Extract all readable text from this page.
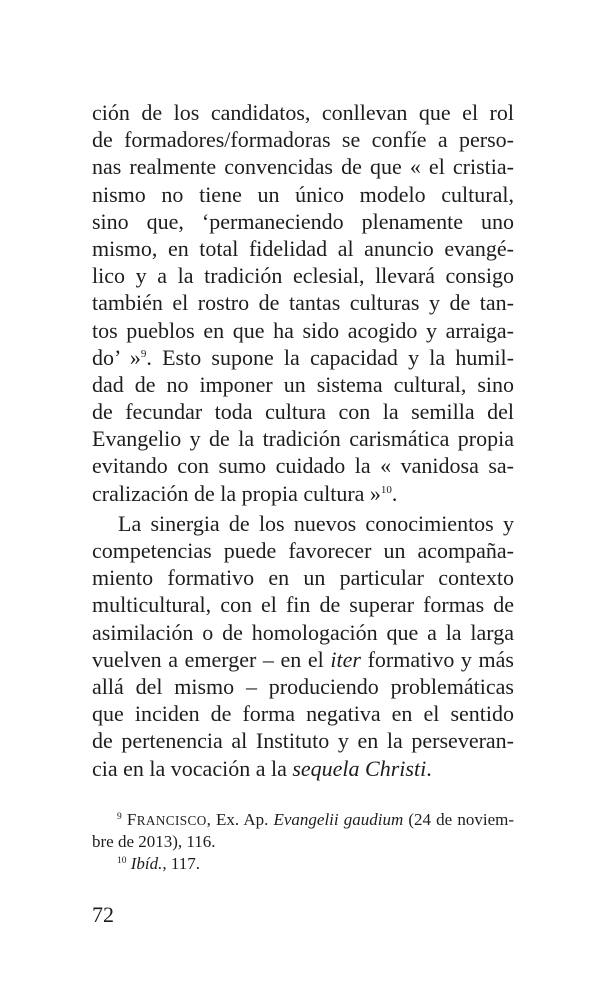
ción de los candidatos, conllevan que el rol
de formadores/formadoras se confíe a perso-
nas realmente convencidas de que « el cristia-
nismo no tiene un único modelo cultural,
sino que, ‘permaneciendo plenamente uno
mismo, en total fidelidad al anuncio evangé-
lico y a la tradición eclesial, llevará consigo
también el rostro de tantas culturas y de tan-
tos pueblos en que ha sido acogido y arraiga-
do’ »$^9$. Esto supone la capacidad y la humil-
dad de no imponer un sistema cultural, sino
de fecundar toda cultura con la semilla del
Evangelio y de la tradición carismática propia
evitando con sumo cuidado la « vanidosa sa-
cralización de la propia cultura »$^{10}$.
La sinergia de los nuevos conocimientos y
competencias puede favorecer un acompaña-
miento formativo en un particular contexto
multicultural, con el fin de superar formas de
asimilación o de homologación que a la larga
vuelven a emerger – en el iter formativo y más
allá del mismo – produciendo problemáticas
que inciden de forma negativa en el sentido
de pertenencia al Instituto y en la perseveran-
cia en la vocación a la sequela Christi.
$^9$ FRANCISCO, Ex. Ap. Evangelii gaudium (24 de noviem-
bre de 2013), 116.
$^{10}$ Ibíd., 117.
72
